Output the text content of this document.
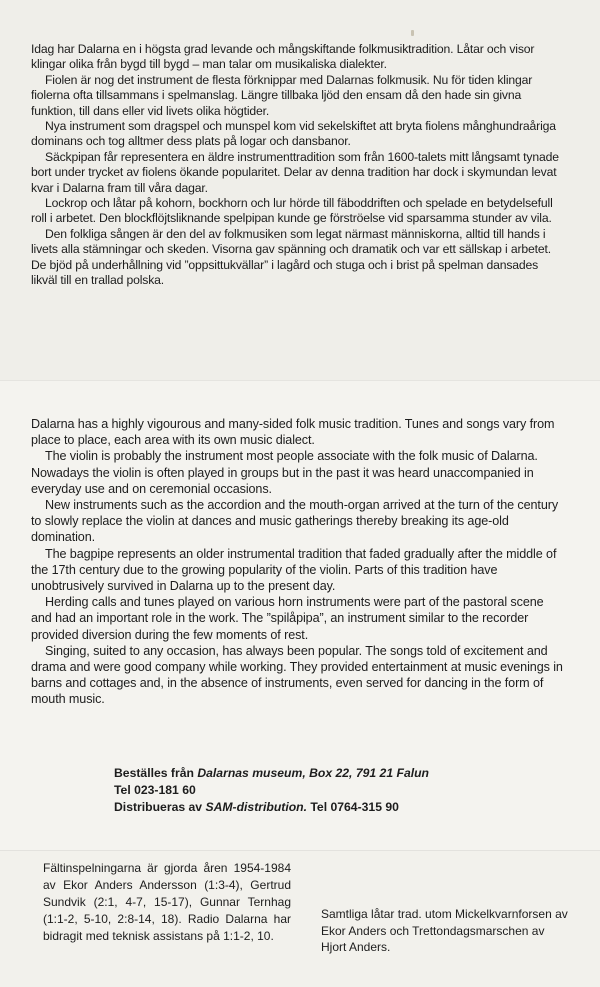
Idag har Dalarna en i högsta grad levande och mångskiftande folkmusiktradition. Låtar och visor klingar olika från bygd till bygd – man talar om musikaliska dialekter.

Fiolen är nog det instrument de flesta förknippar med Dalarnas folkmusik. Nu för tiden klingar fiolerna ofta tillsammans i spelmanslag. Längre tillbaka ljöd den ensam då den hade sin givna funktion, till dans eller vid livets olika högtider.

Nya instrument som dragspel och munspel kom vid sekelskiftet att bryta fiolens månghundraåriga dominans och tog alltmer dess plats på logar och dansbanor.

Säckpipan får representera en äldre instrumenttradition som från 1600-talets mitt långsamt tynade bort under trycket av fiolens ökande popularitet. Delar av denna tradition har dock i skymundan levat kvar i Dalarna fram till våra dagar.

Lockrop och låtar på kohorn, bockhorn och lur hörde till fäboddriften och spelade en betydelsefull roll i arbetet. Den blockflöjtsliknande spelpipan kunde ge förströelse vid sparsamma stunder av vila.

Den folkliga sången är den del av folkmusiken som legat närmast människorna, alltid till hands i livets alla stämningar och skeden. Visorna gav spänning och dramatik och var ett sällskap i arbetet. De bjöd på underhållning vid ”oppsittukvällar” i lagård och stuga och i brist på spelman dansades likväl till en trallad polska.

Dalarna has a highly vigourous and many-sided folk music tradition. Tunes and songs vary from place to place, each area with its own music dialect.

The violin is probably the instrument most people associate with the folk music of Dalarna. Nowadays the violin is often played in groups but in the past it was heard unaccompanied in everyday use and on ceremonial occasions.

New instruments such as the accordion and the mouth-organ arrived at the turn of the century to slowly replace the violin at dances and music gatherings thereby breaking its age-old domination.

The bagpipe represents an older instrumental tradition that faded gradually after the middle of the 17th century due to the growing popularity of the violin. Parts of this tradition have unobtrusively survived in Dalarna up to the present day.

Herding calls and tunes played on various horn instruments were part of the pastoral scene and had an important role in the work. The ”spilåpipa”, an instrument similar to the recorder provided diversion during the few moments of rest.

Singing, suited to any occasion, has always been popular. The songs told of excitement and drama and were good company while working. They provided entertainment at music evenings in barns and cottages and, in the absence of instruments, even served for dancing in the form of mouth music.

Beställes från Dalarnas museum, Box 22, 791 21 Falun
Tel 023-181 60
Distribueras av SAM-distribution. Tel 0764-315 90
Fältinspelningarna är gjorda åren 1954-1984 av Ekor Anders Andersson (1:3-4), Gertrud Sundvik (2:1, 4-7, 15-17), Gunnar Ternhag (1:1-2, 5-10, 2:8-14, 18). Radio Dalarna har bidragit med teknisk assistans på 1:1-2, 10.
Samtliga låtar trad. utom Mickelkvarnforsen av Ekor Anders och Trettondagsmarschen av Hjort Anders.
